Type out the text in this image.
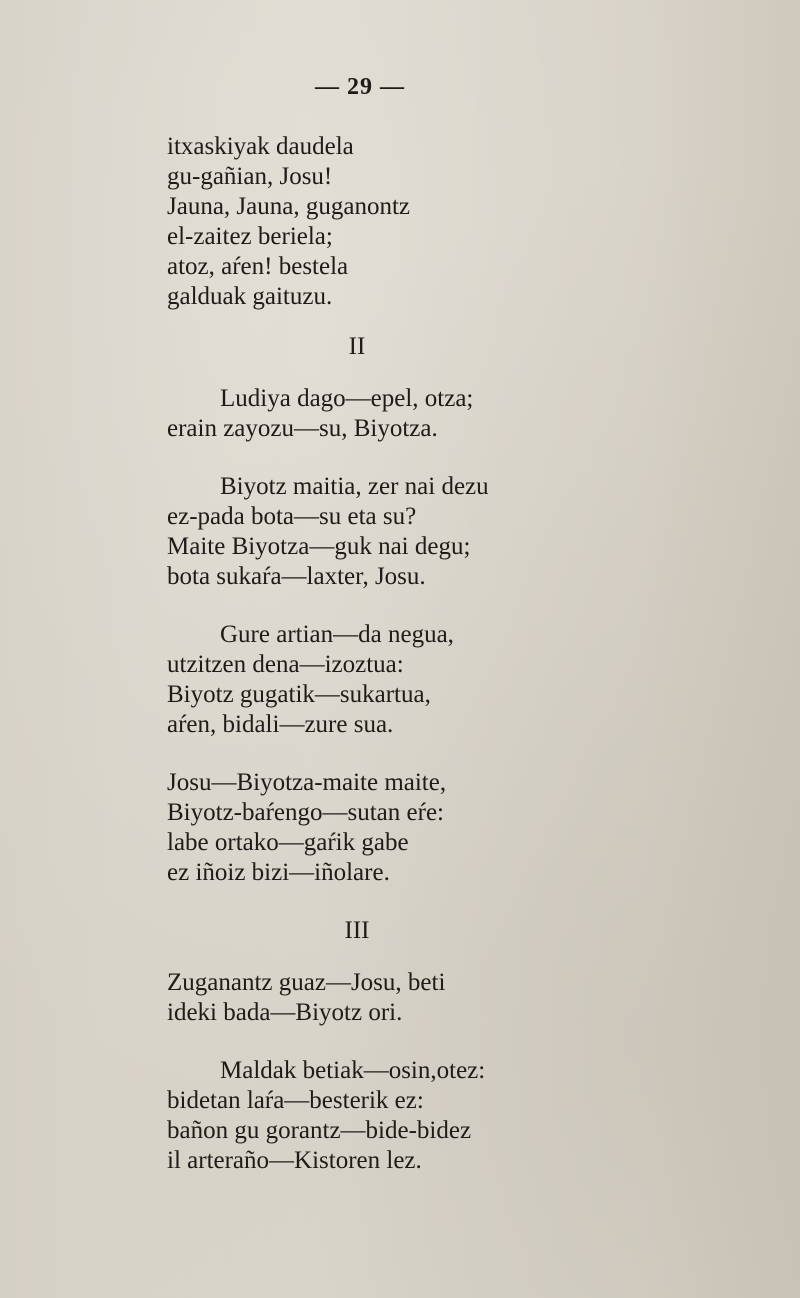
— 29 —
itxaskiyak daudela
gu-gañian, Josu!
Jauna, Jauna, guganontz
el-zaitez beriela;
atoz, aŕen! bestela
galduak gaituzu.
II
Ludiya dago—epel, otza;
erain zayozu—su, Biyotza.
Biyotz maitia, zer nai dezu
ez-pada bota—su eta su?
Maite Biyotza—guk nai degu;
bota sukaŕa—laxter, Josu.
Gure artian—da negua,
utzitzen dena—izoztua:
Biyotz gugatik—sukartua,
aŕen, bidali—zure sua.
Josu—Biyotza-maite maite,
Biyotz-baŕengo—sutan eŕe:
labe ortako—gaŕik gabe
ez iñoiz bizi—iñolare.
III
Zuganantz guaz—Josu, beti
ideki bada—Biyotz ori.
Maldak betiak—osin,otez:
bidetan laŕa—besterik ez:
bañon gu gorantz—bide-bidez
il arteraño—Kistoren lez.
